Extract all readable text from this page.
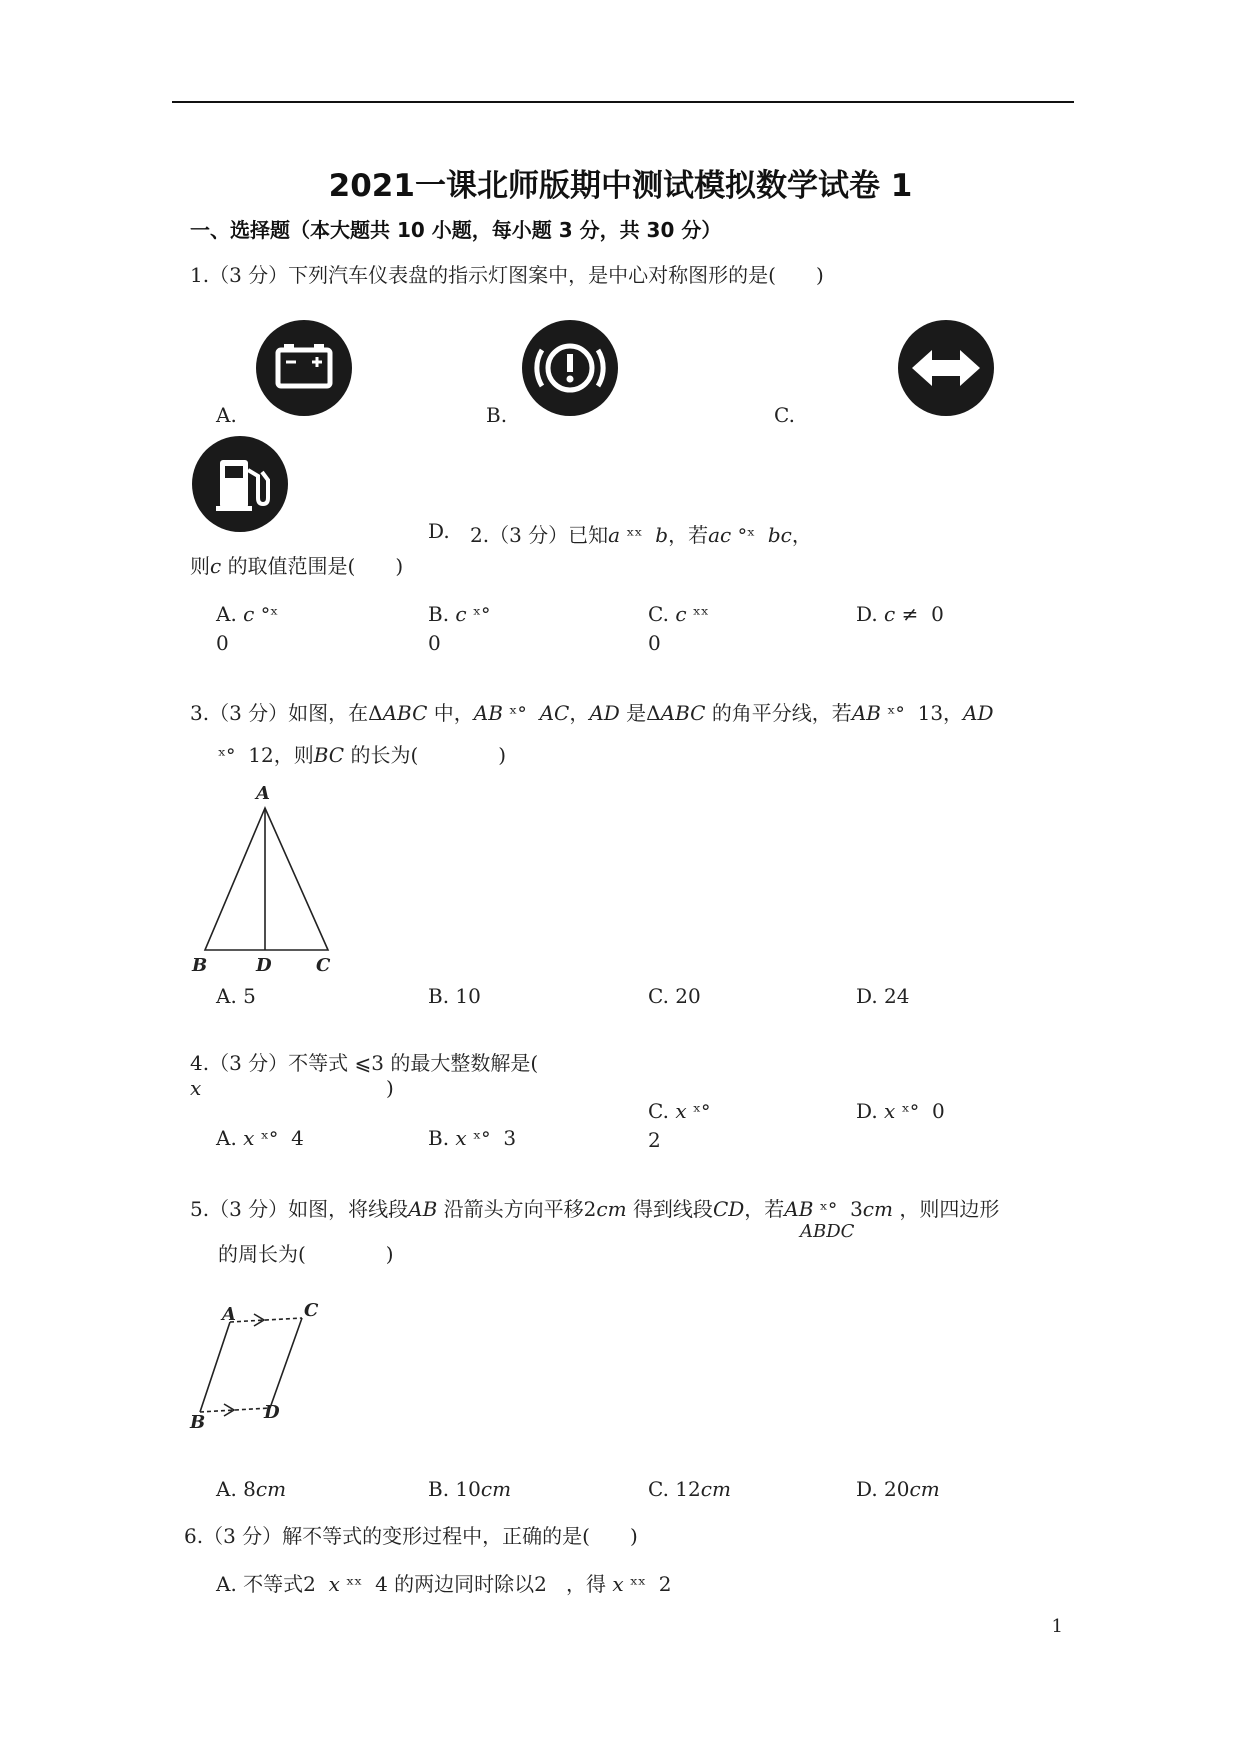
2021一课北师版期中测试模拟数学试卷 1
一、选择题（本大题共 10 小题，每小题 3 分，共 30 分）
1.（3 分）下列汽车仪表盘的指示灯图案中，是中心对称图形的是(　　)
A.	B.	C.
D. 2.（3 分）已知a ˣˣ b，若ac °ˣ bc，
则c 的取值范围是(　　)
A. c °ˣ
0
B. c ˣ°
0
C. c ˣˣ
0
D. c ≠ 0
3.（3 分）如图，在ΔABC 中，AB ˣ° AC，AD 是ΔABC 的角平分线，若AB ˣ° 13，AD
ˣ° 12，则BC 的长为(　　　　)
A
B	D C
A. 5	B. 10	C. 20	D. 24
4.（3 分）不等式 ⩽3 的最大整数解是(
x	)
C. x ˣ°
2
D. x ˣ° 0
A. x ˣ° 4	B. x ˣ° 3
5.（3 分）如图，将线段AB 沿箭头方向平移2cm 得到线段CD，若AB ˣ° 3cm ，则四边形
ABDC
的周长为(　　　　)
A	C
B	D
A. 8cm	B. 10cm	C. 12cm	D. 20cm
6.（3 分）解不等式的变形过程中，正确的是(　　)
A. 不等式2 x ˣˣ 4 的两边同时除以2 ，得 x ˣˣ 2
1
